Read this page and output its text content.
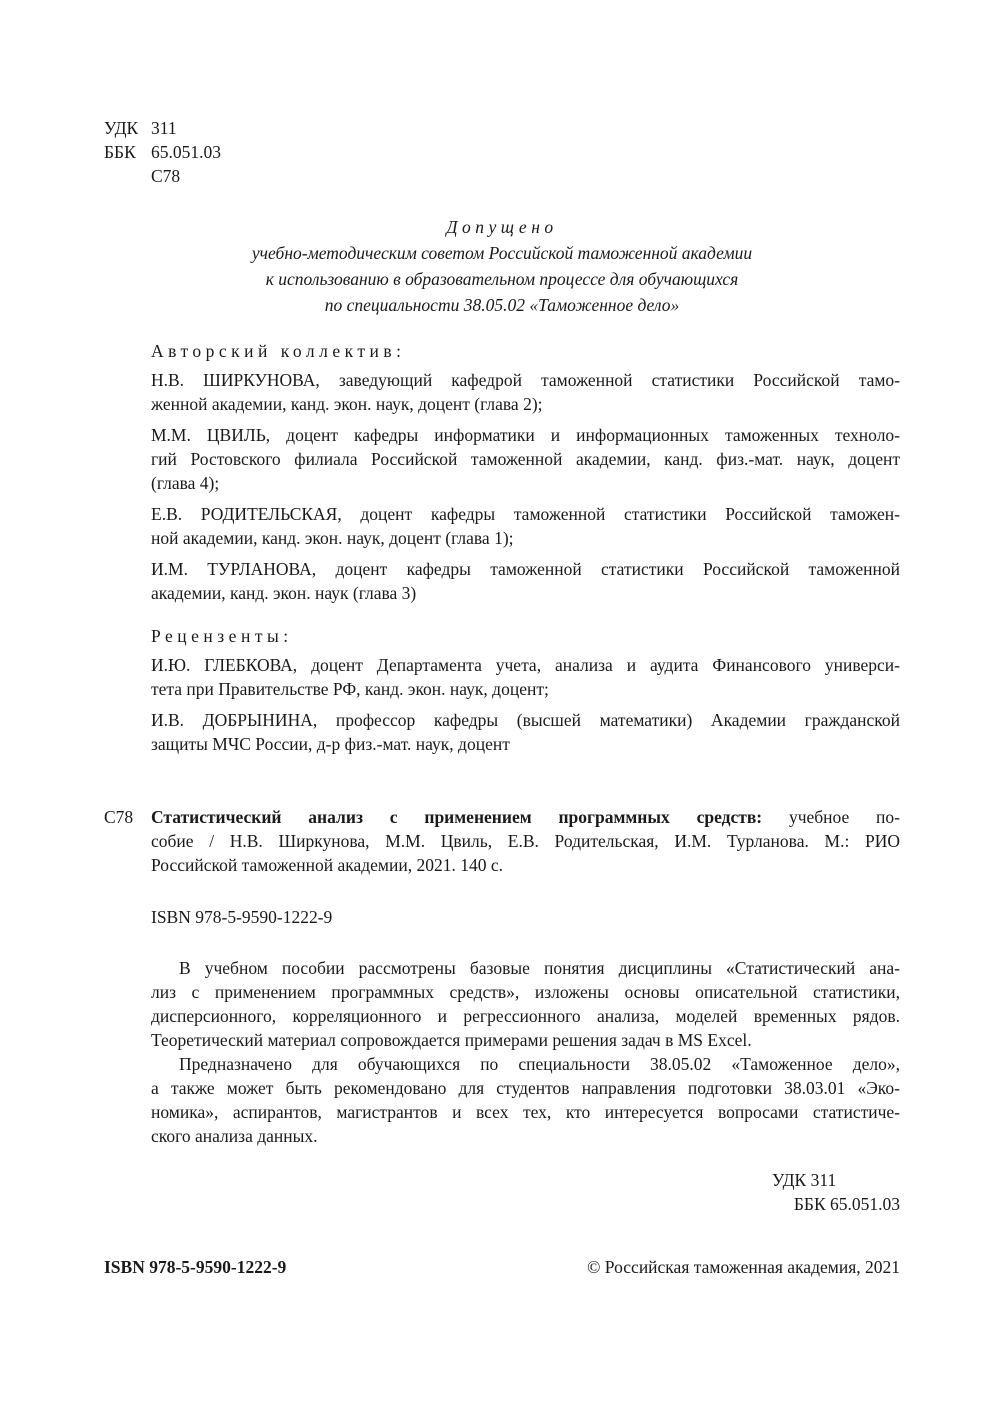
УДК 311
ББК 65.051.03
С78
Допущено
учебно-методическим советом Российской таможенной академии
к использованию в образовательном процессе для обучающихся
по специальности 38.05.02 «Таможенное дело»
Авторский коллектив:
Н.В. ШИРКУНОВА, заведующий кафедрой таможенной статистики Российской тамо-
женной академии, канд. экон. наук, доцент (глава 2);
М.М. ЦВИЛЬ, доцент кафедры информатики и информационных таможенных техноло-
гий Ростовского филиала Российской таможенной академии, канд. физ.-мат. наук, доцент
(глава 4);
Е.В. РОДИТЕЛЬСКАЯ, доцент кафедры таможенной статистики Российской таможен-
ной академии, канд. экон. наук, доцент (глава 1);
И.М. ТУРЛАНОВА, доцент кафедры таможенной статистики Российской таможенной
академии, канд. экон. наук (глава 3)
Рецензенты:
И.Ю. ГЛЕБКОВА, доцент Департамента учета, анализа и аудита Финансового универси-
тета при Правительстве РФ, канд. экон. наук, доцент;
И.В. ДОБРЫНИНА, профессор кафедры (высшей математики) Академии гражданской
защиты МЧС России, д-р физ.-мат. наук, доцент
С78 Статистический анализ с применением программных средств: учебное по-
собие / Н.В. Ширкунова, М.М. Цвиль, Е.В. Родительская, И.М. Турланова. М.: РИО
Российской таможенной академии, 2021. 140 с.
ISBN 978-5-9590-1222-9
В учебном пособии рассмотрены базовые понятия дисциплины «Статистический ана-
лиз с применением программных средств», изложены основы описательной статистики,
дисперсионного, корреляционного и регрессионного анализа, моделей временных рядов.
Теоретический материал сопровождается примерами решения задач в MS Excel.
Предназначено для обучающихся по специальности 38.05.02 «Таможенное дело»,
а также может быть рекомендовано для студентов направления подготовки 38.03.01 «Эко-
номика», аспирантов, магистрантов и всех тех, кто интересуется вопросами статистиче-
ского анализа данных.
УДК 311
ББК 65.051.03
ISBN 978-5-9590-1222-9	© Российская таможенная академия, 2021
